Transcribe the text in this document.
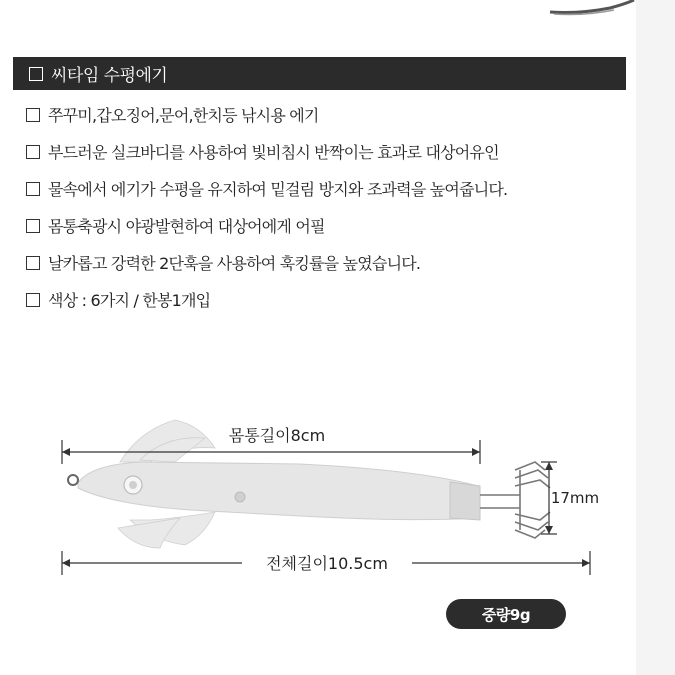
씨타임 수평에기
쭈꾸미,갑오징어,문어,한치등 낚시용 에기
부드러운 실크바디를 사용하여 빛비침시 반짝이는 효과로 대상어유인
물속에서 에기가 수평을 유지하여 밑걸림 방지와 조과력을 높여줍니다.
몸통축광시 야광발현하여 대상어에게 어필
날카롭고 강력한 2단훅을 사용하여 훅킹률을 높였습니다.
색상 : 6가지 / 한봉1개입
몸통길이8cm
17mm
전체길이10.5cm
중량9g
